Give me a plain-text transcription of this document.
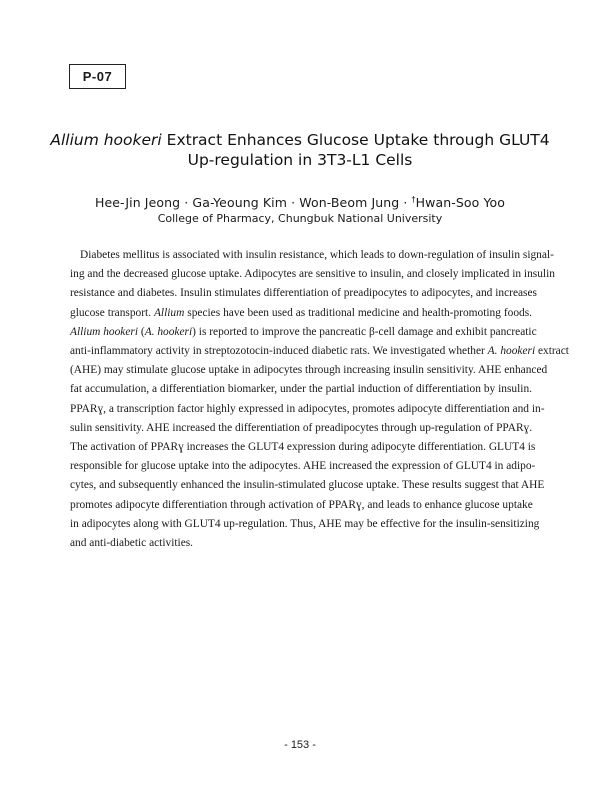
P-07
Allium hookeri Extract Enhances Glucose Uptake through GLUT4
Up-regulation in 3T3-L1 Cells
Hee-Jin Jeong · Ga-Yeoung Kim · Won-Beom Jung · †Hwan-Soo Yoo
College of Pharmacy, Chungbuk National University
Diabetes mellitus is associated with insulin resistance, which leads to down-regulation of insulin signal-
ing and the decreased glucose uptake. Adipocytes are sensitive to insulin, and closely implicated in insulin
resistance and diabetes. Insulin stimulates differentiation of preadipocytes to adipocytes, and increases
glucose transport. Allium species have been used as traditional medicine and health-promoting foods.
Allium hookeri (A. hookeri) is reported to improve the pancreatic β-cell damage and exhibit pancreatic
anti-inflammatory activity in streptozotocin-induced diabetic rats. We investigated whether A. hookeri extract
(AHE) may stimulate glucose uptake in adipocytes through increasing insulin sensitivity. AHE enhanced
fat accumulation, a differentiation biomarker, under the partial induction of differentiation by insulin.
PPARɣ, a transcription factor highly expressed in adipocytes, promotes adipocyte differentiation and in-
sulin sensitivity. AHE increased the differentiation of preadipocytes through up-regulation of PPARɣ.
The activation of PPARɣ increases the GLUT4 expression during adipocyte differentiation. GLUT4 is
responsible for glucose uptake into the adipocytes. AHE increased the expression of GLUT4 in adipo-
cytes, and subsequently enhanced the insulin-stimulated glucose uptake. These results suggest that AHE
promotes adipocyte differentiation through activation of PPARɣ, and leads to enhance glucose uptake
in adipocytes along with GLUT4 up-regulation. Thus, AHE may be effective for the insulin-sensitizing
and anti-diabetic activities.
- 153 -
